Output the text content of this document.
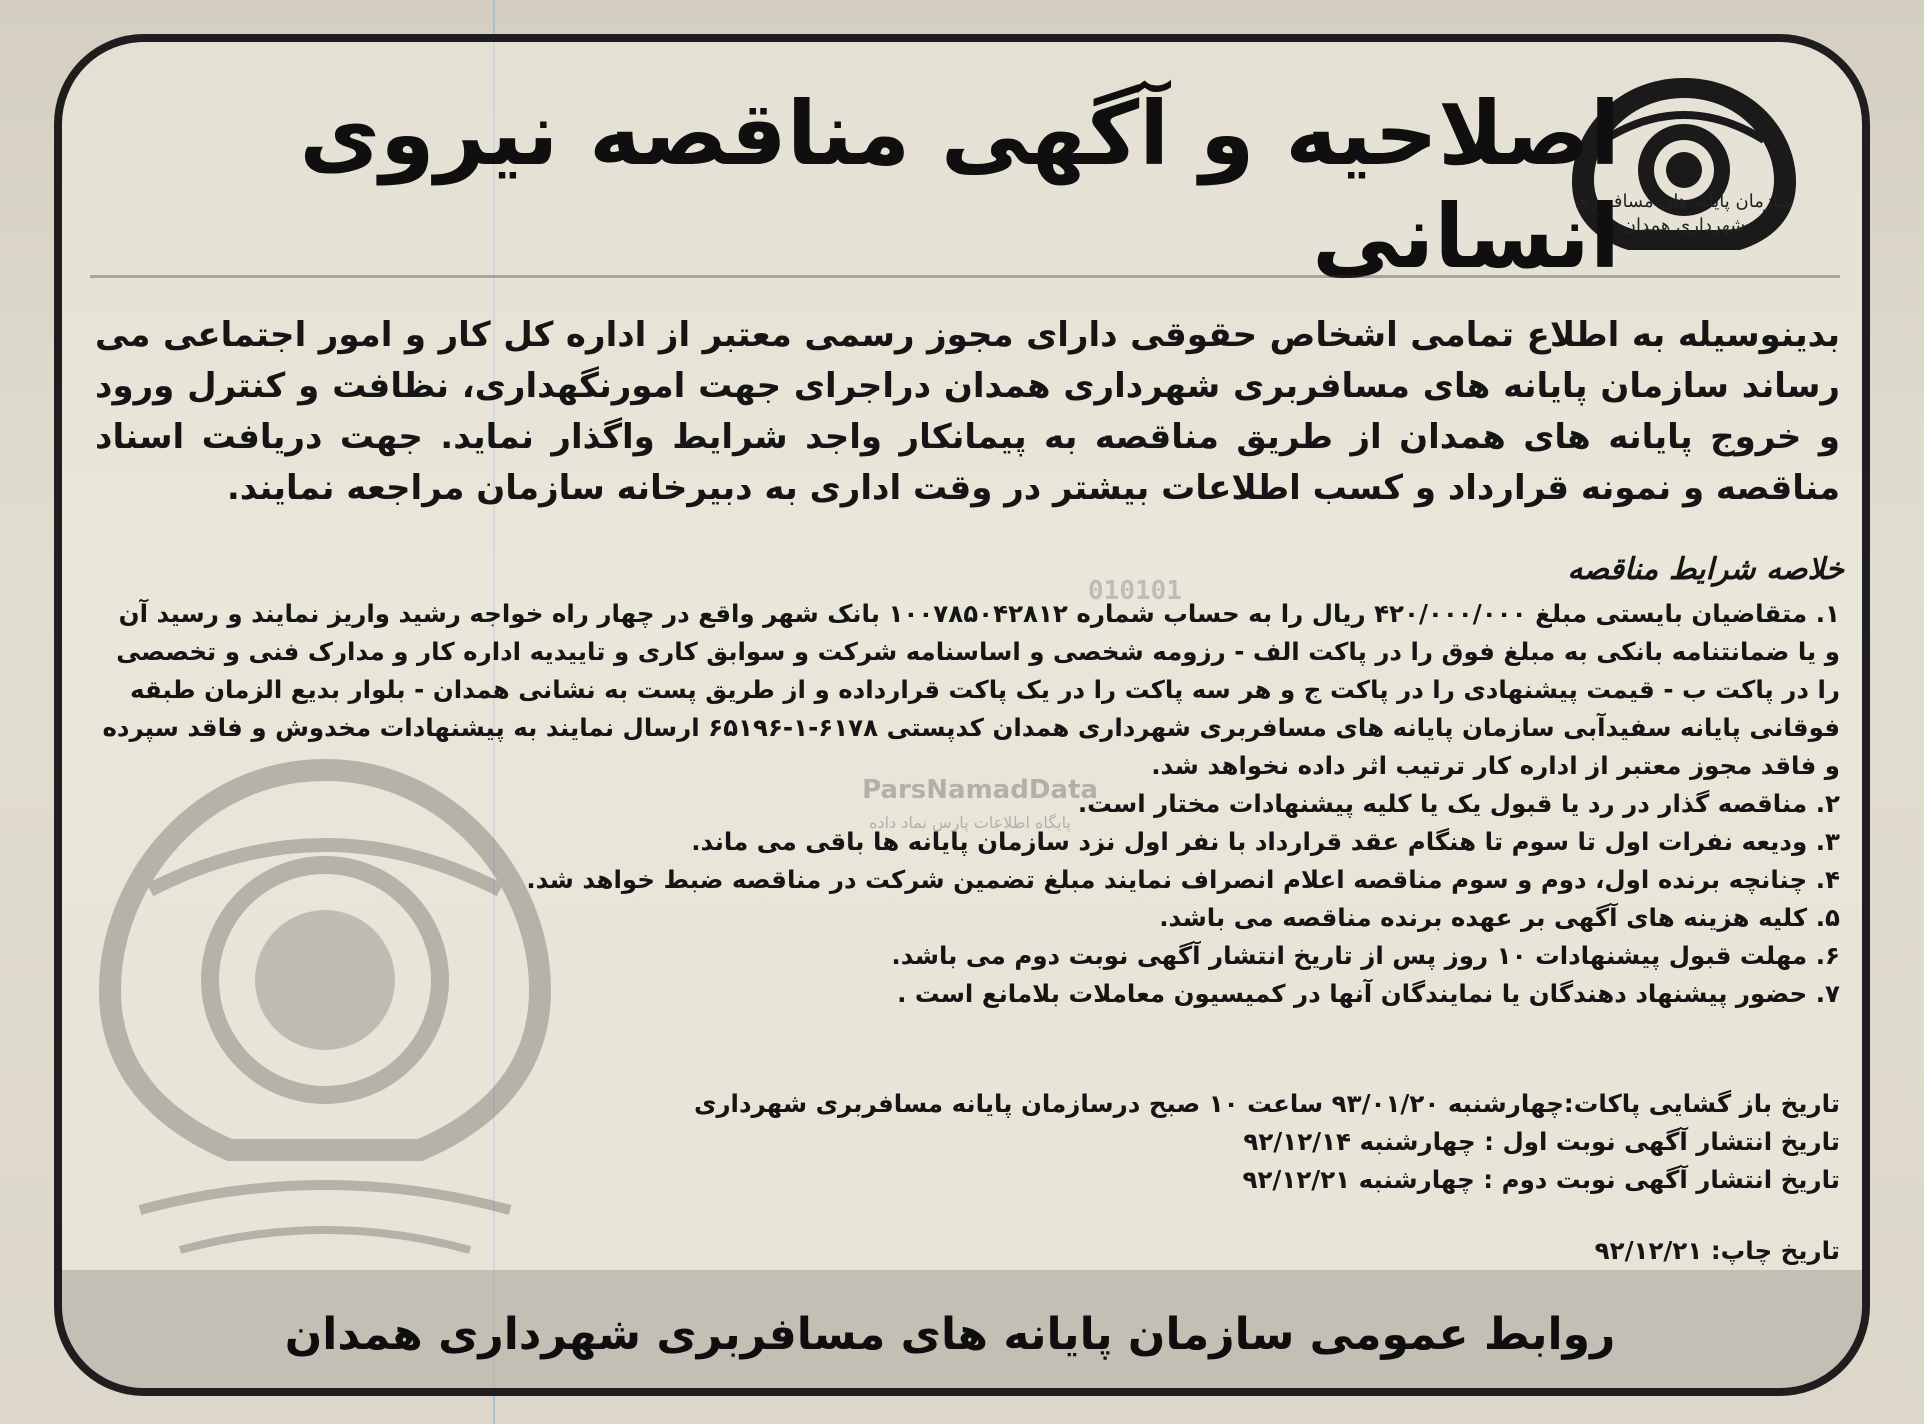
010101
ParsNamadData
پایگاه اطلاعات پارس نماد داده
سازمان پایانه های مسافربری شهرداری همدان
اصلاحیه و آگهی مناقصه نیروی انسانی
بدینوسیله به اطلاع تمامی اشخاص حقوقی دارای مجوز رسمی معتبر از اداره کل کار و امور اجتماعی می رساند سازمان پایانه های مسافربری شهرداری همدان دراجرای جهت امورنگهداری، نظافت و کنترل ورود و خروج پایانه های همدان از طریق مناقصه به پیمانکار واجد شرایط واگذار نماید. جهت دریافت اسناد مناقصه و نمونه قرارداد و کسب اطلاعات بیشتر در وقت اداری به دبیرخانه سازمان مراجعه نمایند.
خلاصه شرایط مناقصه
۱. متقاضیان بایستی مبلغ ۴۲۰/۰۰۰/۰۰۰ ریال را به حساب شماره ۱۰۰۷۸۵۰۴۲۸۱۲ بانک شهر واقع در چهار راه خواجه رشید واریز نمایند و رسید آن و یا ضمانتنامه بانکی به مبلغ فوق را در پاکت الف - رزومه شخصی و اساسنامه شرکت و سوابق کاری و تاییدیه اداره کار و مدارک فنی و تخصصی را در پاکت ب - قیمت پیشنهادی را در پاکت ج و هر سه پاکت را در یک پاکت قرارداده و از طریق پست به نشانی همدان - بلوار بدیع الزمان طبقه فوقانی پایانه سفیدآبی سازمان پایانه های مسافربری شهرداری همدان کدپستی ۶۱۷۸-۱-۶۵۱۹۶ ارسال نمایند به پیشنهادات مخدوش و فاقد سپرده و فاقد مجوز معتبر از اداره کار ترتیب اثر داده نخواهد شد.
۲. مناقصه گذار در رد یا قبول یک یا کلیه پیشنهادات مختار است.
۳. ودیعه نفرات اول تا سوم تا هنگام عقد قرارداد با نفر اول نزد سازمان پایانه ها باقی می ماند.
۴. چنانچه برنده اول، دوم و سوم مناقصه اعلام انصراف نمایند مبلغ تضمین شرکت در مناقصه ضبط خواهد شد.
۵. کلیه هزینه های آگهی بر عهده برنده مناقصه می باشد.
۶. مهلت قبول پیشنهادات ۱۰ روز پس از تاریخ انتشار آگهی نوبت دوم می باشد.
۷. حضور پیشنهاد دهندگان یا نمایندگان آنها در کمیسیون معاملات بلامانع است .
تاریخ باز گشایی پاکات:چهارشنبه ۹۳/۰۱/۲۰ ساعت ۱۰ صبح درسازمان پایانه مسافربری شهرداری
تاریخ انتشار آگهی نوبت اول : چهارشنبه ۹۲/۱۲/۱۴
تاریخ انتشار آگهی نوبت دوم : چهارشنبه ۹۲/۱۲/۲۱
تاریخ چاپ: ۹۲/۱۲/۲۱
روابط عمومی سازمان پایانه های مسافربری شهرداری همدان
